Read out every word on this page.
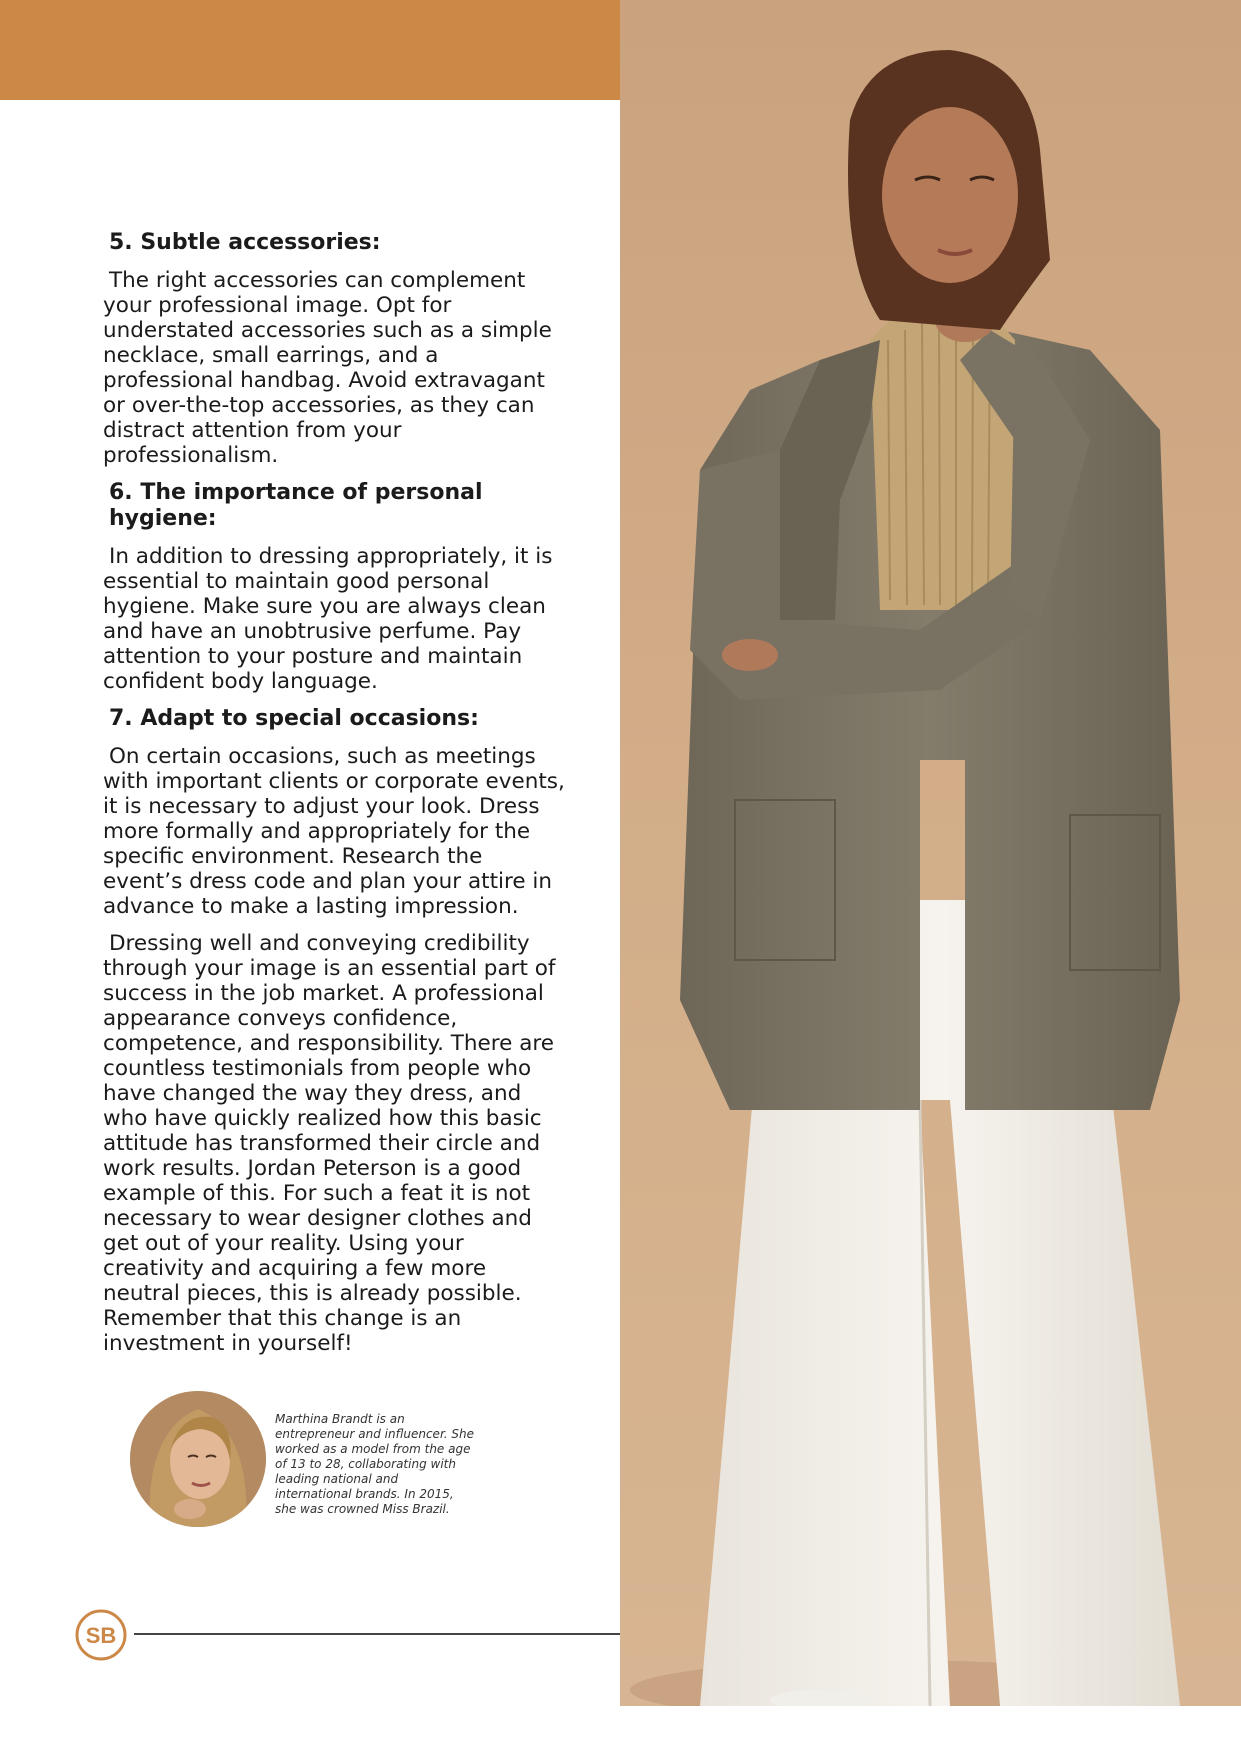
5. Subtle accessories:

The right accessories can complement your professional image. Opt for understated accessories such as a simple necklace, small earrings, and a professional handbag. Avoid extravagant or over-the-top accessories, as they can distract attention from your professionalism.

6. The importance of personal hygiene:

In addition to dressing appropriately, it is essential to maintain good personal hygiene. Make sure you are always clean and have an unobtrusive perfume. Pay attention to your posture and maintain confident body language.

7. Adapt to special occasions:

On certain occasions, such as meetings with important clients or corporate events, it is necessary to adjust your look. Dress more formally and appropriately for the specific environment. Research the event’s dress code and plan your attire in advance to make a lasting impression.

Dressing well and conveying credibility through your image is an essential part of success in the job market. A professional appearance conveys confidence, competence, and responsibility. There are countless testimonials from people who have changed the way they dress, and who have quickly realized how this basic attitude has transformed their circle and work results. Jordan Peterson is a good example of this. For such a feat it is not necessary to wear designer clothes and get out of your reality. Using your creativity and acquiring a few more neutral pieces, this is already possible. Remember that this change is an investment in yourself!

Marthina Brandt is an entrepreneur and influencer. She worked as a model from the age of 13 to 28, collaborating with leading national and international brands. In 2015, she was crowned Miss Brazil.
SB
